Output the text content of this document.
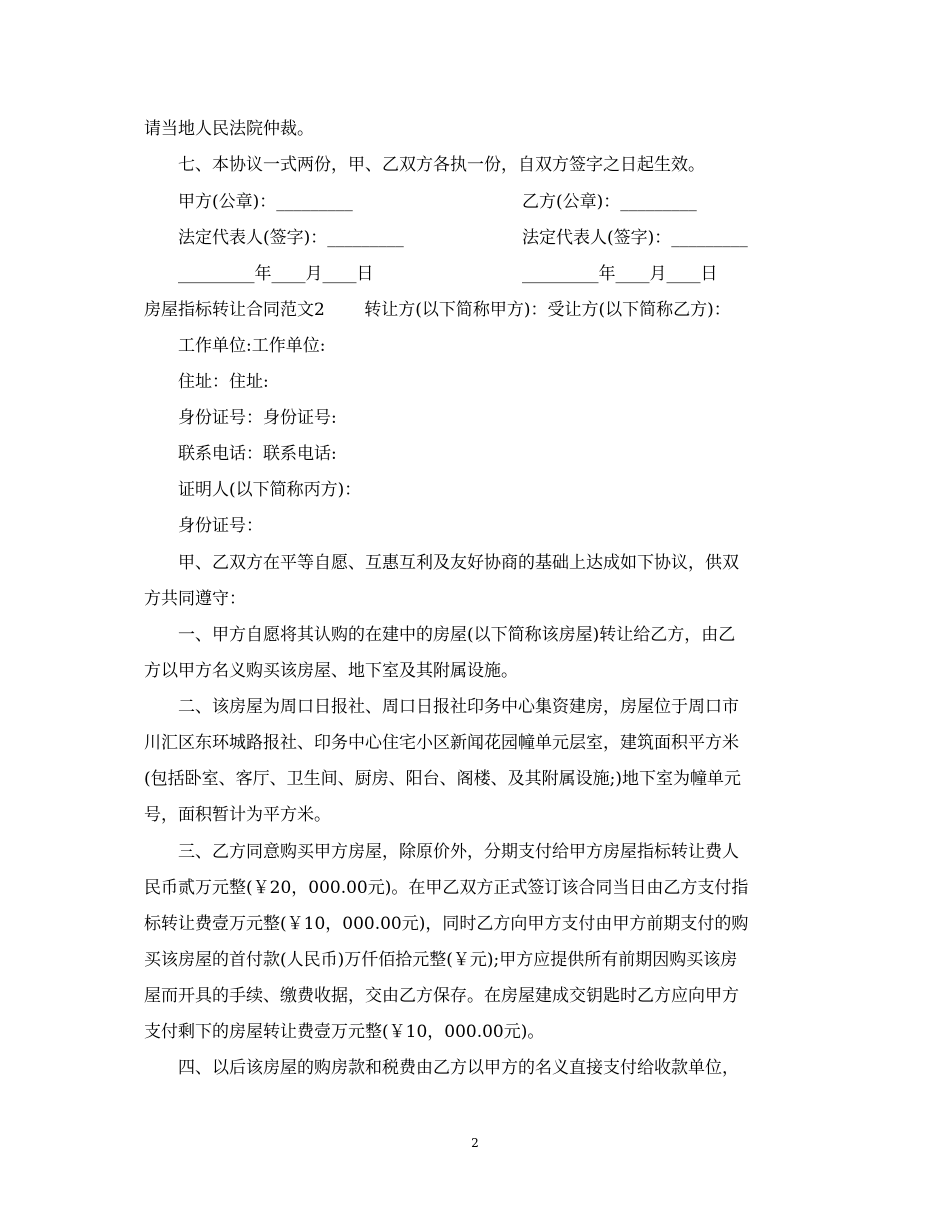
请当地人民法院仲裁。
七、本协议一式两份，甲、乙双方各执一份，自双方签字之日起生效。
甲方(公章)：_________	乙方(公章)：_________
法定代表人(签字)：_________	法定代表人(签字)：_________
_________年____月____日	_________年____月____日
房屋指标转让合同范文2　　 转让方(以下简称甲方)：受让方(以下简称乙方)：
工作单位:工作单位:
住址：住址:
身份证号：身份证号:
联系电话：联系电话:
证明人(以下简称丙方)：
身份证号：
甲、乙双方在平等自愿、互惠互利及友好协商的基础上达成如下协议，供双
方共同遵守：
一、甲方自愿将其认购的在建中的房屋(以下简称该房屋)转让给乙方，由乙
方以甲方名义购买该房屋、地下室及其附属设施。
二、该房屋为周口日报社、周口日报社印务中心集资建房，房屋位于周口市
川汇区东环城路报社、印务中心住宅小区新闻花园幢单元层室，建筑面积平方米
(包括卧室、客厅、卫生间、厨房、阳台、阁楼、及其附属设施;)地下室为幢单元
号，面积暂计为平方米。
三、乙方同意购买甲方房屋，除原价外，分期支付给甲方房屋指标转让费人
民币贰万元整(￥20，000.00元)。在甲乙双方正式签订该合同当日由乙方支付指
标转让费壹万元整(￥10，000.00元)，同时乙方向甲方支付由甲方前期支付的购
买该房屋的首付款(人民币)万仟佰拾元整(￥元);甲方应提供所有前期因购买该房
屋而开具的手续、缴费收据，交由乙方保存。在房屋建成交钥匙时乙方应向甲方
支付剩下的房屋转让费壹万元整(￥10，000.00元)。
四、以后该房屋的购房款和税费由乙方以甲方的名义直接支付给收款单位，
2
